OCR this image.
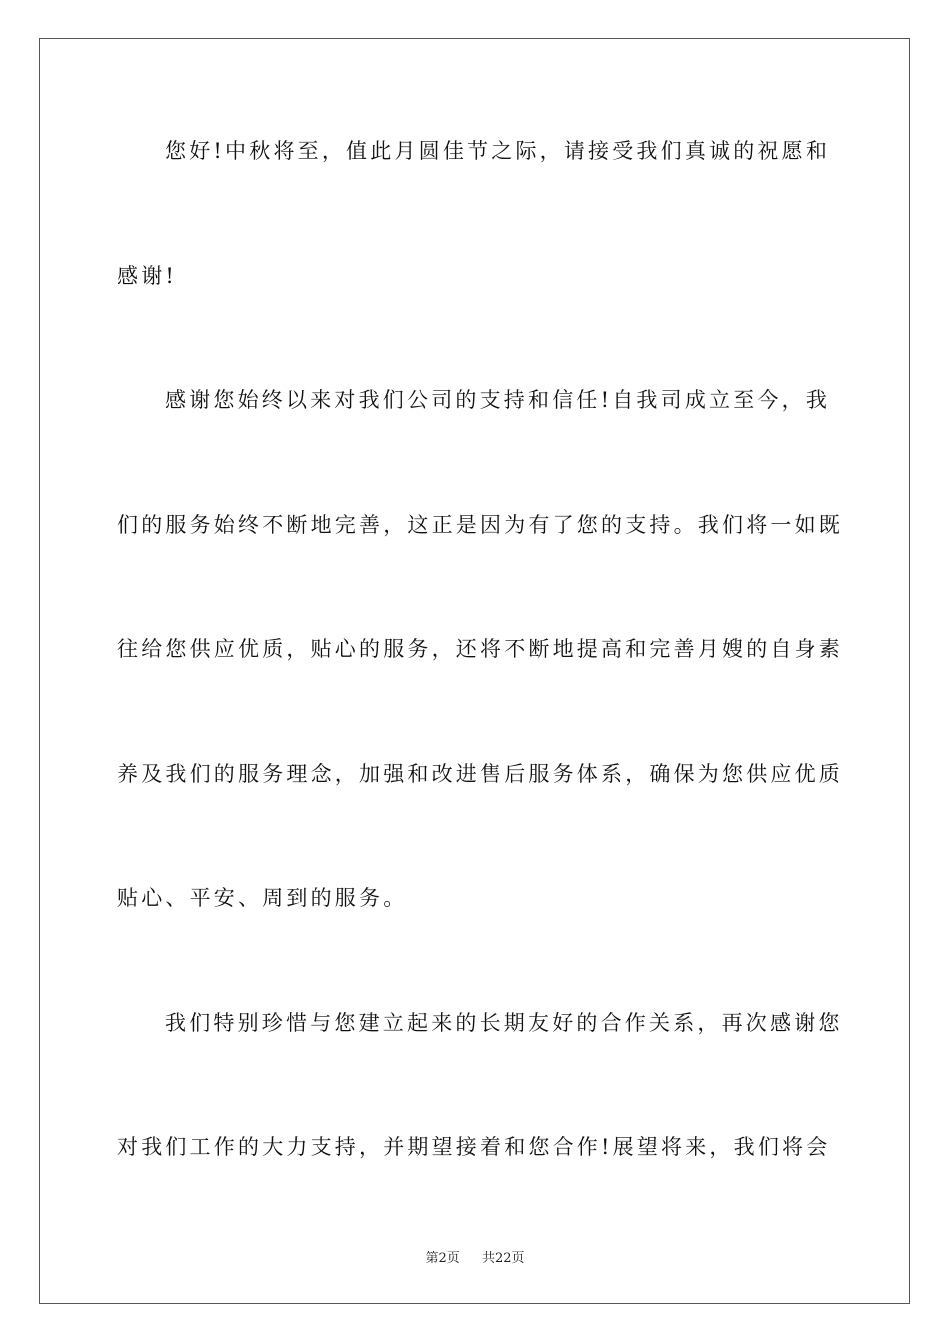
您好!中秋将至，值此月圆佳节之际，请接受我们真诚的祝愿和
感谢!
感谢您始终以来对我们公司的支持和信任!自我司成立至今，我
们的服务始终不断地完善，这正是因为有了您的支持。我们将一如既
往给您供应优质，贴心的服务，还将不断地提高和完善月嫂的自身素
养及我们的服务理念，加强和改进售后服务体系，确保为您供应优质
贴心、平安、周到的服务。
我们特别珍惜与您建立起来的长期友好的合作关系，再次感谢您
对我们工作的大力支持，并期望接着和您合作!展望将来，我们将会
第2页 共22页
